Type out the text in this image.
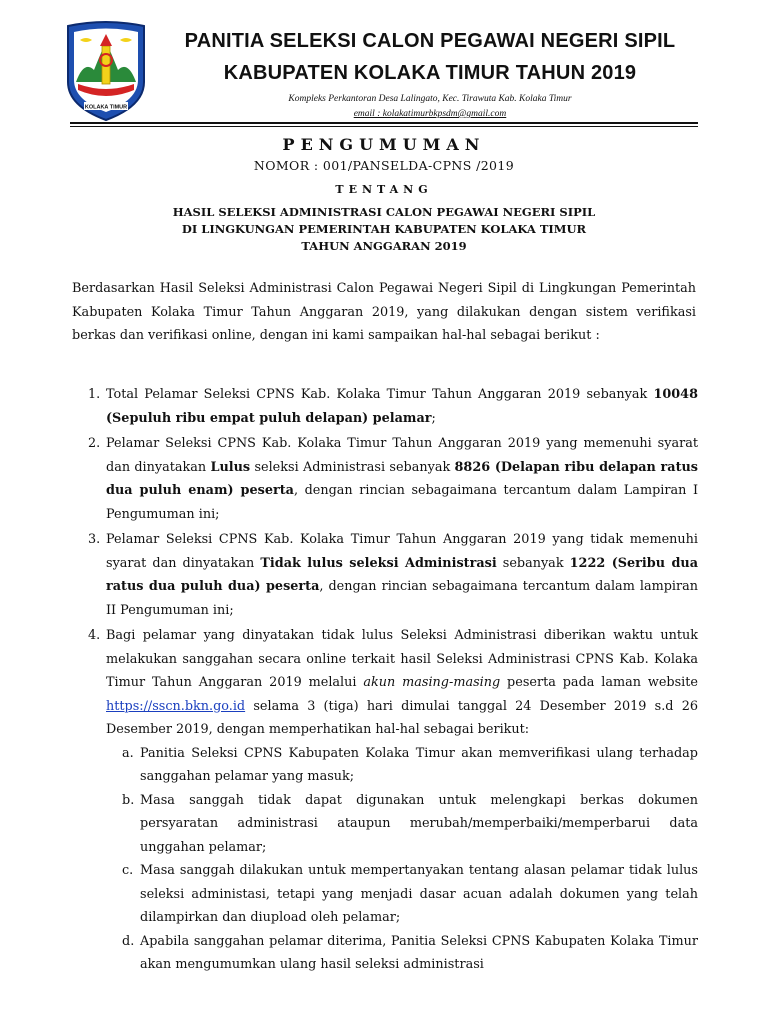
KOLAKA TIMUR
PANITIA SELEKSI CALON PEGAWAI NEGERI SIPIL
KABUPATEN KOLAKA TIMUR TAHUN 2019
Kompleks Perkantoran Desa Lalingato, Kec. Tirawuta Kab. Kolaka Timur
email : kolakatimurbkpsdm@gmail.com
PENGUMUMAN
NOMOR : 001/PANSELDA-CPNS /2019
TENTANG
HASIL SELEKSI ADMINISTRASI CALON PEGAWAI NEGERI SIPIL
DI LINGKUNGAN PEMERINTAH KABUPATEN KOLAKA TIMUR
TAHUN ANGGARAN 2019
Berdasarkan Hasil Seleksi Administrasi Calon Pegawai Negeri Sipil di Lingkungan Pemerintah Kabupaten Kolaka Timur Tahun Anggaran 2019, yang dilakukan dengan sistem verifikasi berkas dan verifikasi online, dengan ini kami sampaikan hal-hal sebagai berikut :
1. Total Pelamar Seleksi CPNS Kab. Kolaka Timur Tahun Anggaran 2019 sebanyak 10048 (Sepuluh ribu empat puluh delapan) pelamar;
2. Pelamar Seleksi CPNS Kab. Kolaka Timur Tahun Anggaran 2019 yang memenuhi syarat dan dinyatakan Lulus seleksi Administrasi sebanyak 8826 (Delapan ribu delapan ratus dua puluh enam) peserta, dengan rincian sebagaimana tercantum dalam Lampiran I Pengumuman ini;
3. Pelamar Seleksi CPNS Kab. Kolaka Timur Tahun Anggaran 2019 yang tidak memenuhi syarat dan dinyatakan Tidak lulus seleksi Administrasi sebanyak 1222 (Seribu dua ratus dua puluh dua) peserta, dengan rincian sebagaimana tercantum dalam lampiran II Pengumuman ini;
4. Bagi pelamar yang dinyatakan tidak lulus Seleksi Administrasi diberikan waktu untuk melakukan sanggahan secara online terkait hasil Seleksi Administrasi CPNS Kab. Kolaka Timur Tahun Anggaran 2019 melalui akun masing-masing peserta pada laman website https://sscn.bkn.go.id selama 3 (tiga) hari dimulai tanggal 24 Desember 2019 s.d 26 Desember 2019, dengan memperhatikan hal-hal sebagai berikut:
a. Panitia Seleksi CPNS Kabupaten Kolaka Timur akan memverifikasi ulang terhadap sanggahan pelamar yang masuk;
b. Masa sanggah tidak dapat digunakan untuk melengkapi berkas dokumen persyaratan administrasi ataupun merubah/memperbaiki/memperbarui data unggahan pelamar;
c. Masa sanggah dilakukan untuk mempertanyakan tentang alasan pelamar tidak lulus seleksi administasi, tetapi yang menjadi dasar acuan adalah dokumen yang telah dilampirkan dan diupload oleh pelamar;
d. Apabila sanggahan pelamar diterima, Panitia Seleksi CPNS Kabupaten Kolaka Timur akan mengumumkan ulang hasil seleksi administrasi
